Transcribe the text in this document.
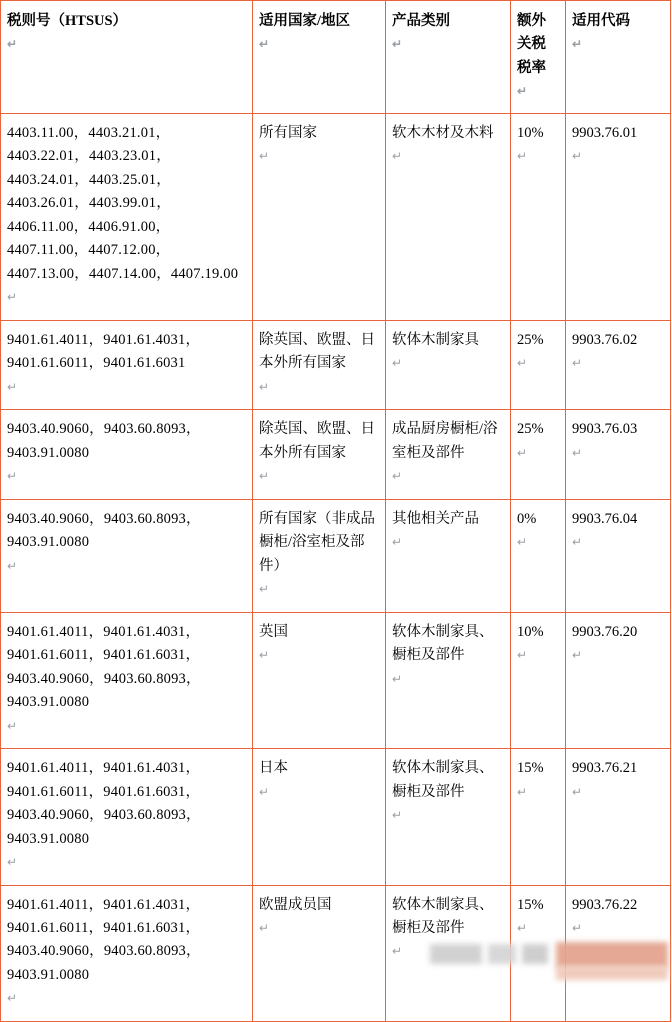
税则号（HTSUS）
↵	适用国家/地区
↵	产品类别
↵	额外关税税率
↵	适用代码
↵

4403.11.00，4403.21.01，4403.22.01，4403.23.01，4403.24.01，4403.25.01，4403.26.01，4403.99.01，4406.11.00，4406.91.00，4407.11.00，4407.12.00，4407.13.00，4407.14.00，4407.19.00
↵	所有国家
↵	软木木材及木料
↵	10%
↵	9903.76.01
↵

9401.61.4011，9401.61.4031，9401.61.6011，9401.61.6031
↵	除英国、欧盟、日本外所有国家
↵	软体木制家具
↵	25%
↵	9903.76.02
↵

9403.40.9060，9403.60.8093，9403.91.0080
↵	除英国、欧盟、日本外所有国家
↵	成品厨房橱柜/浴室柜及部件
↵	25%
↵	9903.76.03
↵

9403.40.9060，9403.60.8093，9403.91.0080
↵	所有国家（非成品橱柜/浴室柜及部件）
↵	其他相关产品
↵	0%
↵	9903.76.04
↵

9401.61.4011，9401.61.4031，9401.61.6011，9401.61.6031，9403.40.9060，9403.60.8093，9403.91.0080
↵	英国
↵	软体木制家具、橱柜及部件
↵	10%
↵	9903.76.20
↵

9401.61.4011，9401.61.4031，9401.61.6011，9401.61.6031，9403.40.9060，9403.60.8093，9403.91.0080
↵	日本
↵	软体木制家具、橱柜及部件
↵	15%
↵	9903.76.21
↵

9401.61.4011，9401.61.4031，9401.61.6011，9401.61.6031，9403.40.9060，9403.60.8093，9403.91.0080
↵	欧盟成员国
↵	软体木制家具、橱柜及部件
↵	15%
↵	9903.76.22
↵
